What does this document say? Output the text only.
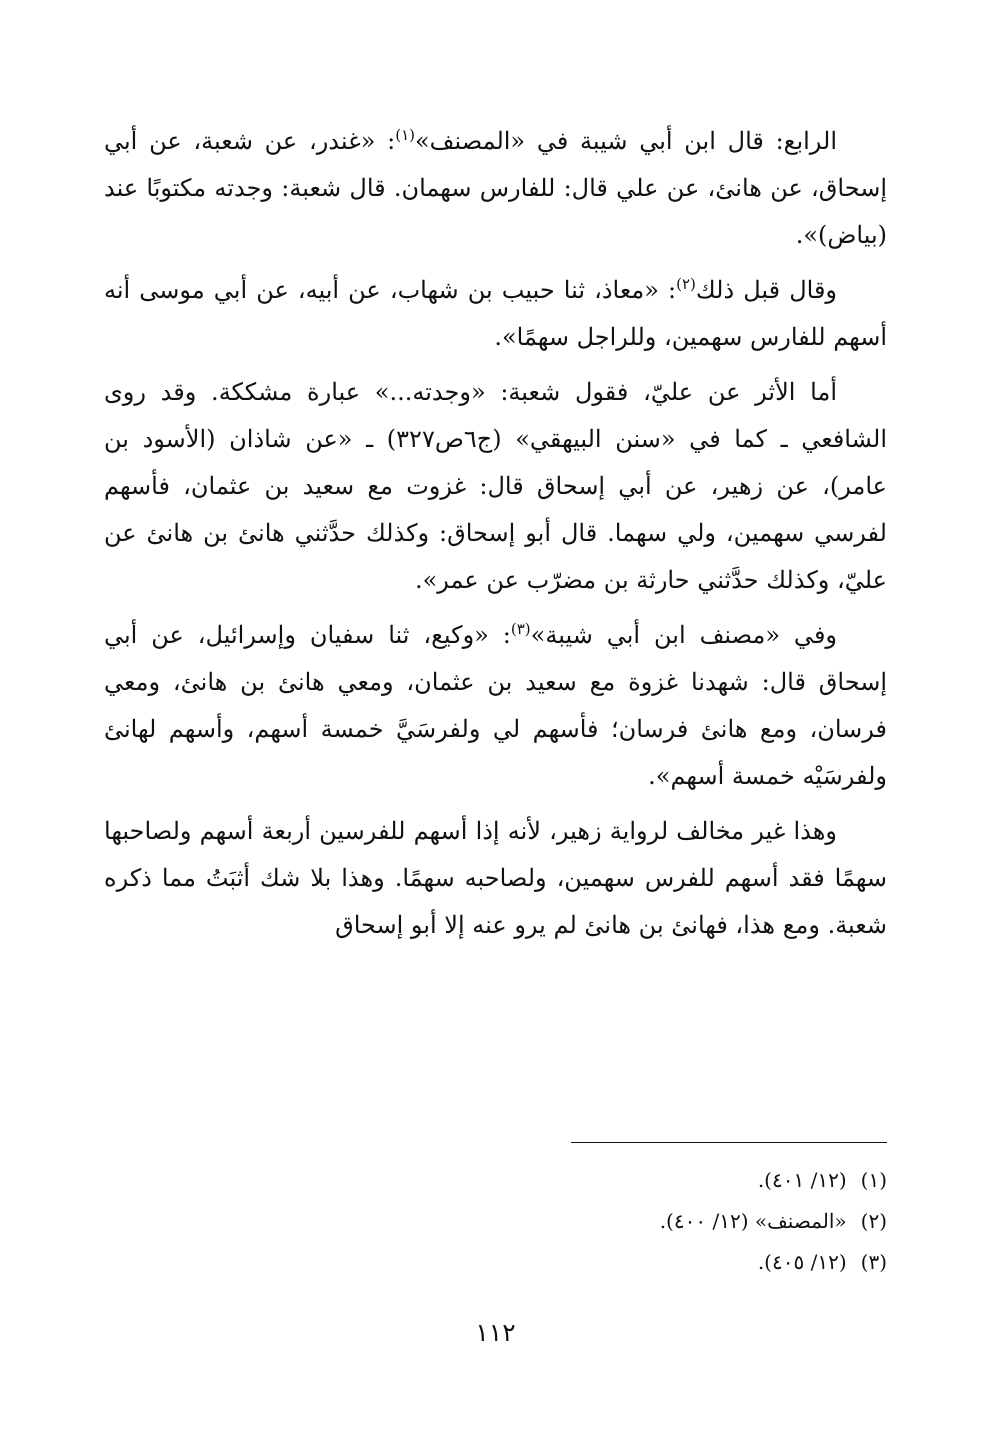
الرابع: قال ابن أبي شيبة في «المصنف»$^{(١)}$: «غندر، عن شعبة، عن أبي إسحاق، عن هانئ، عن علي قال: للفارس سهمان. قال شعبة: وجدته مكتوبًا عند (بياض)».

وقال قبل ذلك$^{(٢)}$: «معاذ، ثنا حبيب بن شهاب، عن أبيه، عن أبي موسى أنه أسهم للفارس سهمين، وللراجل سهمًا».

أما الأثر عن عليّ، فقول شعبة: «وجدته...» عبارة مشككة. وقد روى الشافعي ـ كما في «سنن البيهقي» (ج٦ص٣٢٧) ـ «عن شاذان (الأسود بن عامر)، عن زهير، عن أبي إسحاق قال: غزوت مع سعيد بن عثمان، فأسهم لفرسي سهمين، ولي سهما. قال أبو إسحاق: وكذلك حدَّثني هانئ بن هانئ عن عليّ، وكذلك حدَّثني حارثة بن مضرّب عن عمر».

وفي «مصنف ابن أبي شيبة»$^{(٣)}$: «وكيع، ثنا سفيان وإسرائيل، عن أبي إسحاق قال: شهدنا غزوة مع سعيد بن عثمان، ومعي هانئ بن هانئ، ومعي فرسان، ومع هانئ فرسان؛ فأسهم لي ولفرسَيَّ خمسة أسهم، وأسهم لهانئ ولفرسَيْه خمسة أسهم».

وهذا غير مخالف لرواية زهير، لأنه إذا أسهم للفرسين أربعة أسهم ولصاحبها سهمًا فقد أسهم للفرس سهمين، ولصاحبه سهمًا. وهذا بلا شك أثبَتُ مما ذكره شعبة. ومع هذا، فهانئ بن هانئ لم يرو عنه إلا أبو إسحاق

(١)(١٢/ ٤٠١).

(٢)«المصنف» (١٢/ ٤٠٠).

(٣)(١٢/ ٤٠٥).

١١٢
